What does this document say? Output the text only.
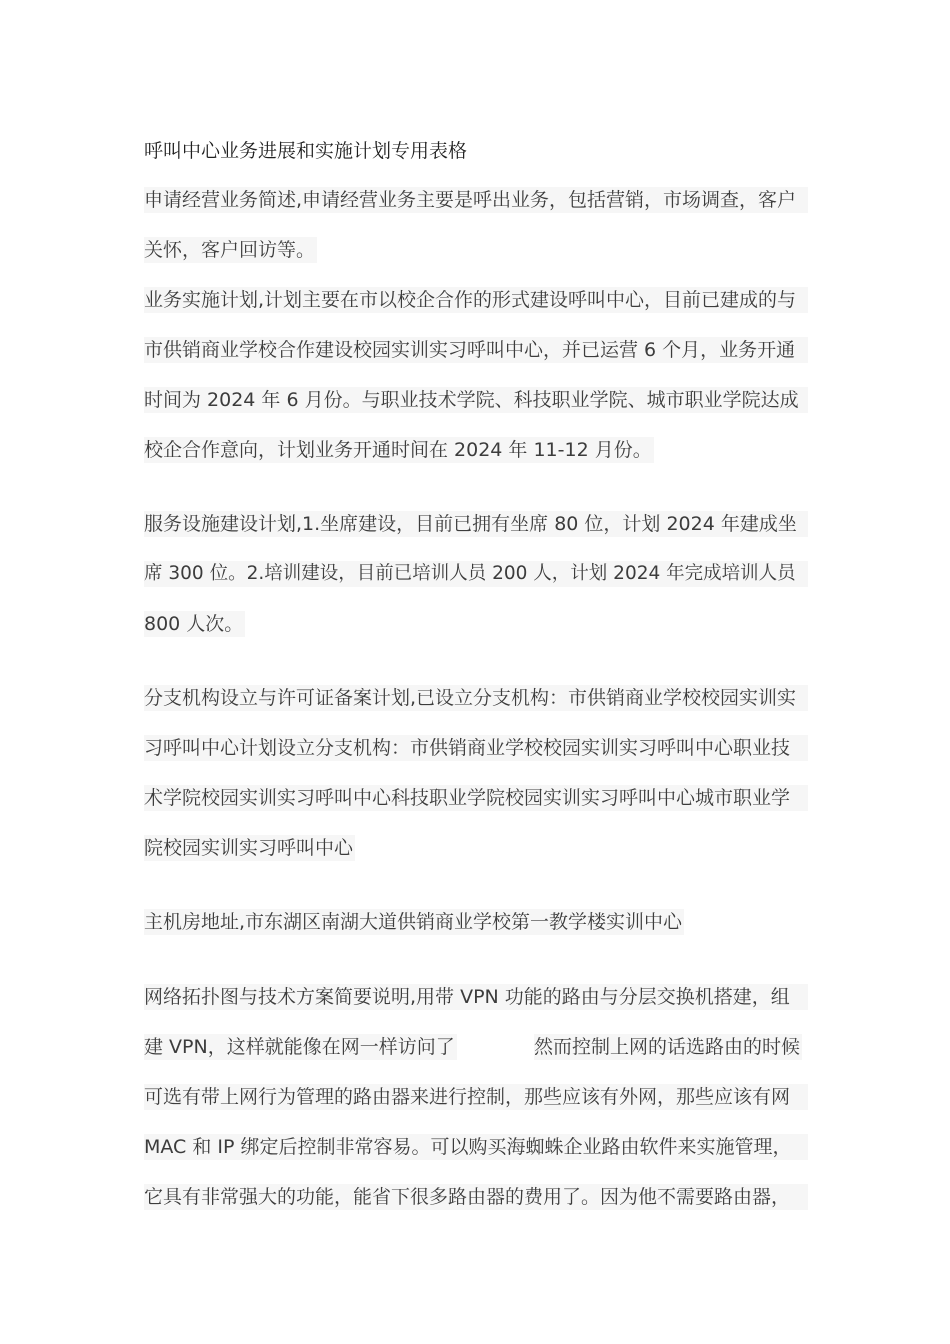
呼叫中心业务进展和实施计划专用表格
申请经营业务简述,申请经营业务主要是呼出业务，包括营销，市场调查，客户
关怀，客户回访等。
业务实施计划,计划主要在市以校企合作的形式建设呼叫中心，目前已建成的与
市供销商业学校合作建设校园实训实习呼叫中心，并已运营 6 个月，业务开通
时间为 2024 年 6 月份。与职业技术学院、科技职业学院、城市职业学院达成
校企合作意向，计划业务开通时间在 2024 年 11-12 月份。
服务设施建设计划,1.坐席建设，目前已拥有坐席 80 位，计划 2024 年建成坐
席 300 位。2.培训建设，目前已培训人员 200 人，计划 2024 年完成培训人员
800 人次。
分支机构设立与许可证备案计划,已设立分支机构：市供销商业学校校园实训实
习呼叫中心计划设立分支机构：市供销商业学校校园实训实习呼叫中心职业技
术学院校园实训实习呼叫中心科技职业学院校园实训实习呼叫中心城市职业学
院校园实训实习呼叫中心
主机房地址,市东湖区南湖大道供销商业学校第一教学楼实训中心
网络拓扑图与技术方案简要说明,用带 VPN 功能的路由与分层交换机搭建，组
建 VPN，这样就能像在网一样访问了	然而控制上网的话选路由的时候
可选有带上网行为管理的路由器来进行控制，那些应该有外网，那些应该有网
MAC 和 IP 绑定后控制非常容易。可以购买海蜘蛛企业路由软件来实施管理，
它具有非常强大的功能，能省下很多路由器的费用了。因为他不需要路由器，
